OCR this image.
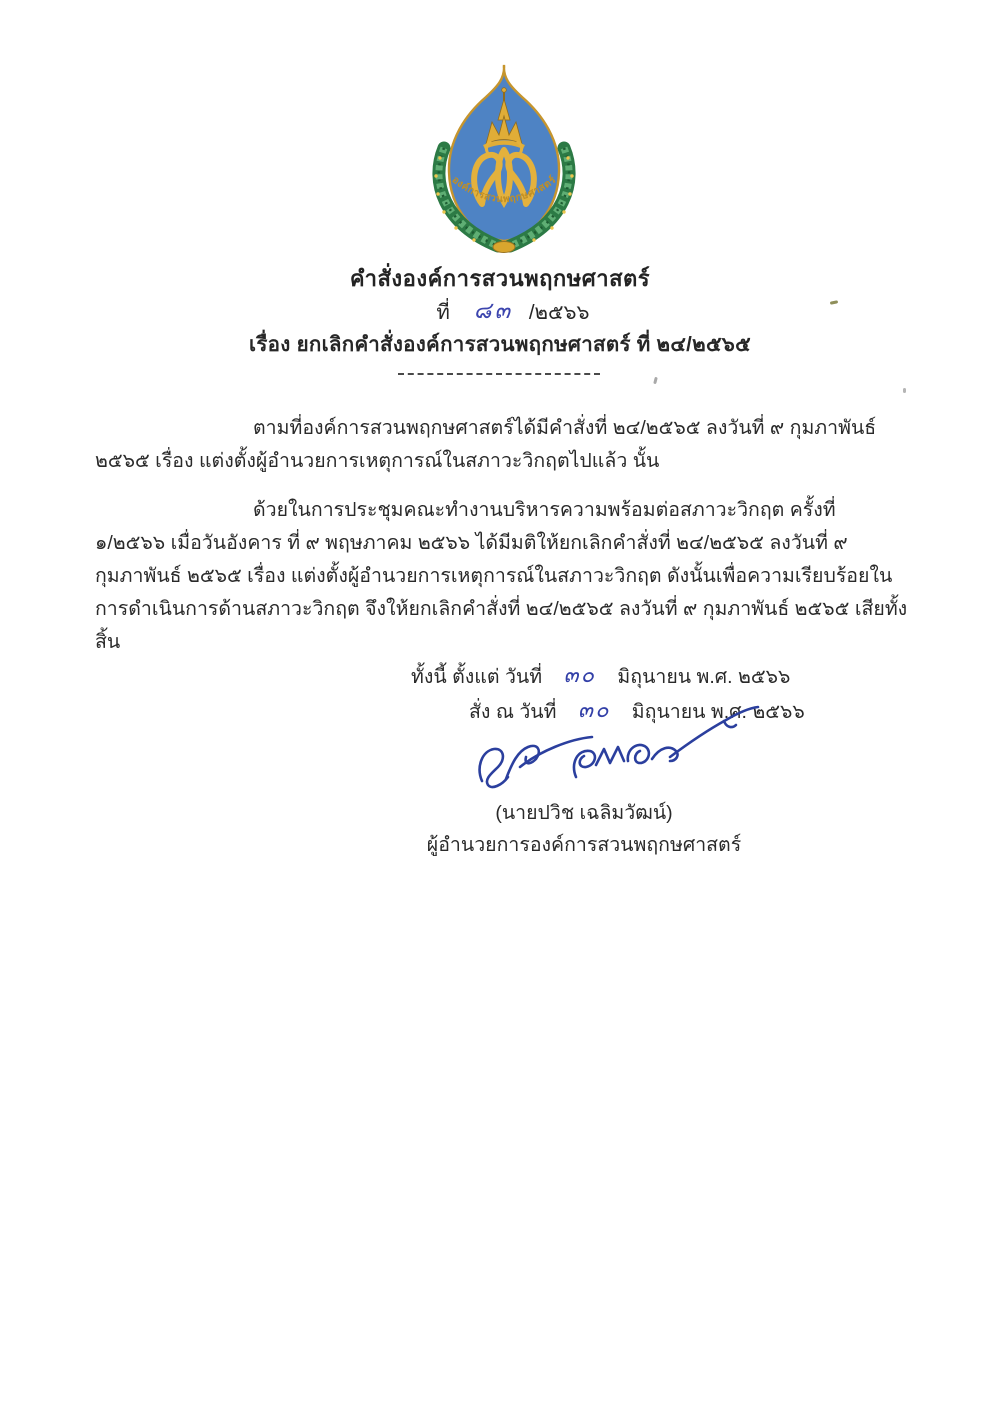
องค์การสวนพฤกษศาสตร์
คำสั่งองค์การสวนพฤกษศาสตร์
ที่ ๘๓ /๒๕๖๖
เรื่อง ยกเลิกคำสั่งองค์การสวนพฤกษศาสตร์ ที่ ๒๔/๒๕๖๕

ตามที่องค์การสวนพฤกษศาสตร์ได้มีคำสั่งที่ ๒๔/๒๕๖๕ ลงวันที่ ๙ กุมภาพันธ์ ๒๕๖๕ เรื่อง แต่งตั้งผู้อำนวยการเหตุการณ์ในสภาวะวิกฤตไปแล้ว นั้น

ด้วยในการประชุมคณะทำงานบริหารความพร้อมต่อสภาวะวิกฤต ครั้งที่ ๑/๒๕๖๖ เมื่อวันอังคาร ที่ ๙ พฤษภาคม ๒๕๖๖ ได้มีมติให้ยกเลิกคำสั่งที่ ๒๔/๒๕๖๕ ลงวันที่ ๙ กุมภาพันธ์ ๒๕๖๕ เรื่อง แต่งตั้งผู้อำนวยการเหตุการณ์ในสภาวะวิกฤต ดังนั้นเพื่อความเรียบร้อยในการดำเนินการด้านสภาวะวิกฤต จึงให้ยกเลิกคำสั่งที่ ๒๔/๒๕๖๕ ลงวันที่ ๙ กุมภาพันธ์ ๒๕๖๕ เสียทั้งสิ้น

ทั้งนี้ ตั้งแต่ วันที่ ๓๐ มิถุนายน พ.ศ. ๒๕๖๖

สั่ง ณ วันที่ ๓๐ มิถุนายน พ.ศ. ๒๕๖๖

(นายปวิช เฉลิมวัฒน์)
ผู้อำนวยการองค์การสวนพฤกษศาสตร์
